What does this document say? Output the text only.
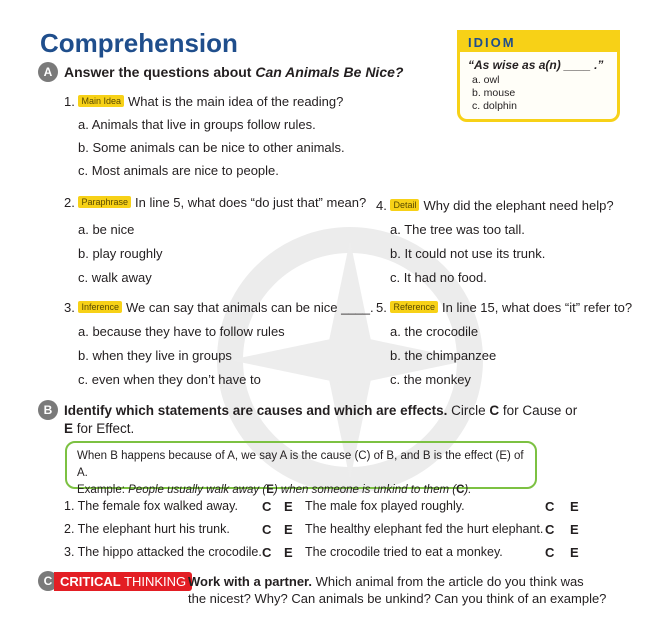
Comprehension	IDIOM
“As wise as a(n) ____ .”
a. owl
b. mouse
c. dolphin
A Answer the questions about Can Animals Be Nice?
1. Main Idea What is the main idea of the reading?
a. Animals that live in groups follow rules.
b. Some animals can be nice to other animals.
c. Most animals are nice to people.
2. Paraphrase In line 5, what does “do just that” mean?
a. be nice
b. play roughly
c. walk away
3. Inference We can say that animals can be nice ____.
a. because they have to follow rules
b. when they live in groups
c. even when they don’t have to
4. Detail Why did the elephant need help?
a. The tree was too tall.
b. It could not use its trunk.
c. It had no food.
5. Reference In line 15, what does “it” refer to?
a. the crocodile
b. the chimpanzee
c. the monkey
B Identify which statements are causes and which are effects. Circle C for Cause or
E for Effect.
When B happens because of A, we say A is the cause (C) of B, and B is the effect (E) of A.
Example: People usually walk away (E) when someone is unkind to them (C).
1. The female fox walked away. C E The male fox played roughly.	C E
2. The elephant hurt his trunk. C E The healthy elephant fed the hurt elephant. C E
3. The hippo attacked the crocodile. C E The crocodile tried to eat a monkey.	C E
C CRITICAL THINKING Work with a partner. Which animal from the article do you think was
the nicest? Why? Can animals be unkind? Can you think of an example?
